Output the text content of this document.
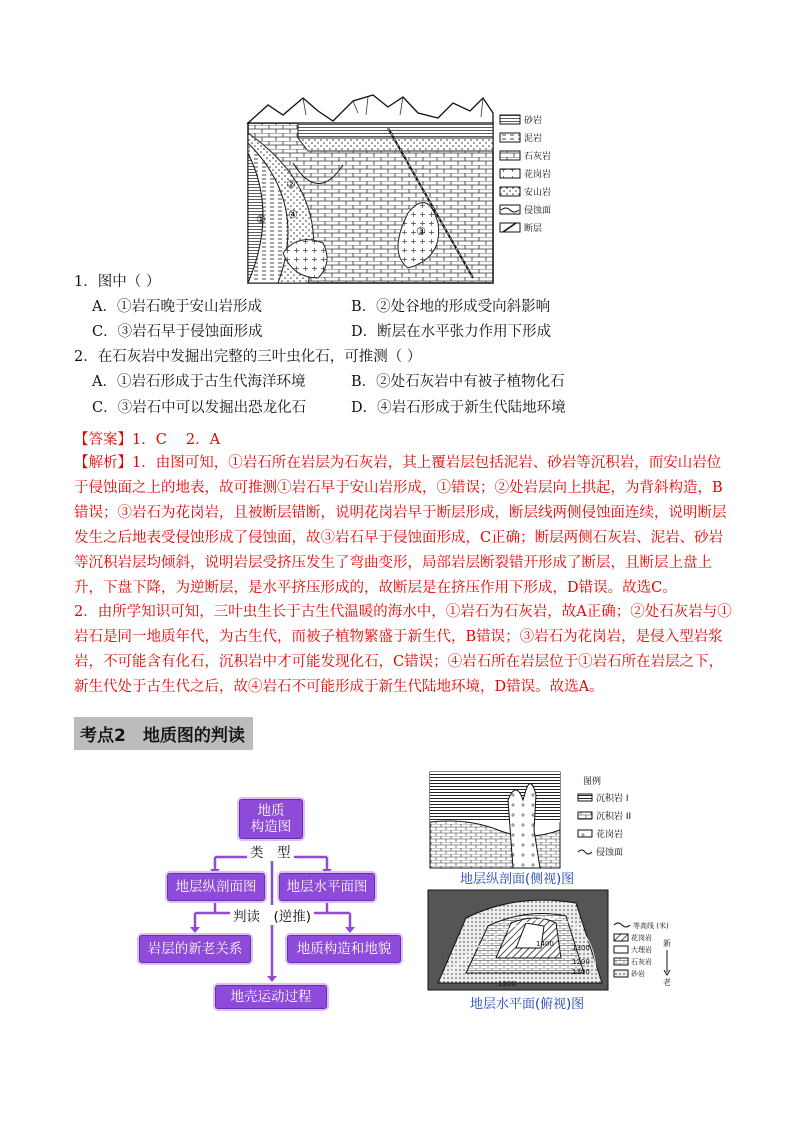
①
②
③
④
砂岩
泥岩
石灰岩
花岗岩
安山岩
侵蚀面
断层
1．图中（ ）
A．①岩石晚于安山岩形成	B．②处谷地的形成受向斜影响
C．③岩石早于侵蚀面形成	D．断层在水平张力作用下形成
2．在石灰岩中发掘出完整的三叶虫化石，可推测（ ）
A．①岩石形成于古生代海洋环境	B．②处石灰岩中有被子植物化石
C．③岩石中可以发掘出恐龙化石	D．④岩石形成于新生代陆地环境
【答案】1．C　 2．A
【解析】1．由图可知，①岩石所在岩层为石灰岩，其上覆岩层包括泥岩、砂岩等沉积岩，而安山岩位于侵蚀面之上的地表，故可推测①岩石早于安山岩形成，①错误；②处岩层向上拱起，为背斜构造，B错误；③岩石为花岗岩，且被断层错断，说明花岗岩早于断层形成，断层线两侧侵蚀面连续，说明断层发生之后地表受侵蚀形成了侵蚀面，故③岩石早于侵蚀面形成，C正确；断层两侧石灰岩、泥岩、砂岩等沉积岩层均倾斜，说明岩层受挤压发生了弯曲变形，局部岩层断裂错开形成了断层，且断层上盘上升，下盘下降，为逆断层，是水平挤压形成的，故断层是在挤压作用下形成，D错误。故选C。
2．由所学知识可知，三叶虫生长于古生代温暖的海水中，①岩石为石灰岩，故A正确；②处石灰岩与①岩石是同一地质年代，为古生代，而被子植物繁盛于新生代，B错误；③岩石为花岗岩，是侵入型岩浆岩，不可能含有化石，沉积岩中才可能发现化石，C错误；④岩石所在岩层位于①岩石所在岩层之下，新生代处于古生代之后，故④岩石不可能形成于新生代陆地环境，D错误。故选A。
考点2　地质图的判读
地质
构造图
类　型
地层纵剖面图	地层水平面图
判读　(逆推)
岩层的新老关系	地质构造和地貌
地壳运动过程
图例
沉积岩 I
沉积岩 II
花岗岩
侵蚀面
地层纵剖面(侧视)图
1400	1300
1200
1300
1200
等高线 (米)
花岗岩
大理岩
石灰岩
砂岩
新
老
地层水平面(俯视)图
